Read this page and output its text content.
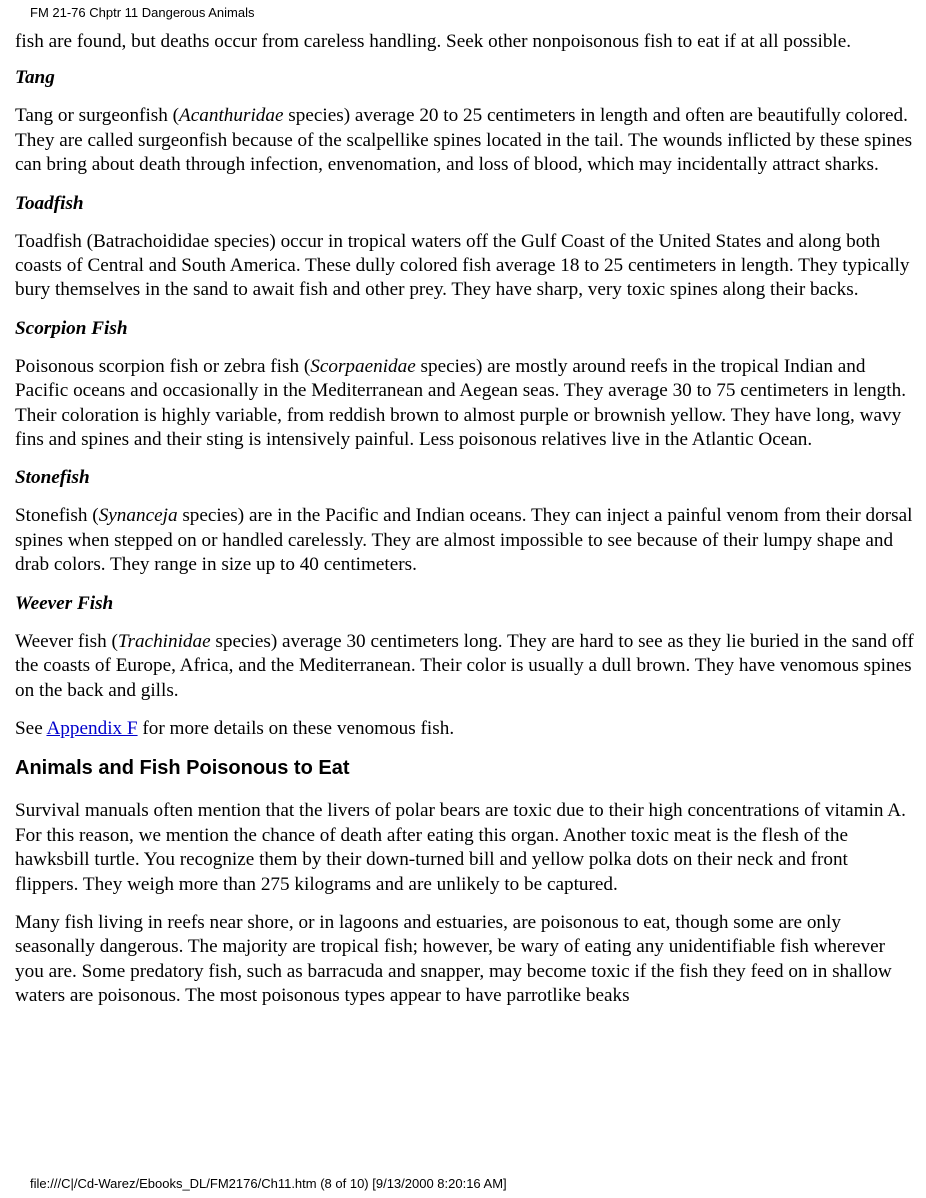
FM 21-76 Chptr 11 Dangerous Animals

fish are found, but deaths occur from careless handling. Seek other nonpoisonous fish to eat if at all possible.

Tang

Tang or surgeonfish (Acanthuridae species) average 20 to 25 centimeters in length and often are beautifully colored. They are called surgeonfish because of the scalpellike spines located in the tail. The wounds inflicted by these spines can bring about death through infection, envenomation, and loss of blood, which may incidentally attract sharks.

Toadfish

Toadfish (Batrachoididae species) occur in tropical waters off the Gulf Coast of the United States and along both coasts of Central and South America. These dully colored fish average 18 to 25 centimeters in length. They typically bury themselves in the sand to await fish and other prey. They have sharp, very toxic spines along their backs.

Scorpion Fish

Poisonous scorpion fish or zebra fish (Scorpaenidae species) are mostly around reefs in the tropical Indian and Pacific oceans and occasionally in the Mediterranean and Aegean seas. They average 30 to 75 centimeters in length. Their coloration is highly variable, from reddish brown to almost purple or brownish yellow. They have long, wavy fins and spines and their sting is intensively painful. Less poisonous relatives live in the Atlantic Ocean.

Stonefish

Stonefish (Synanceja species) are in the Pacific and Indian oceans. They can inject a painful venom from their dorsal spines when stepped on or handled carelessly. They are almost impossible to see because of their lumpy shape and drab colors. They range in size up to 40 centimeters.

Weever Fish

Weever fish (Trachinidae species) average 30 centimeters long. They are hard to see as they lie buried in the sand off the coasts of Europe, Africa, and the Mediterranean. Their color is usually a dull brown. They have venomous spines on the back and gills.

See Appendix F for more details on these venomous fish.

Animals and Fish Poisonous to Eat

Survival manuals often mention that the livers of polar bears are toxic due to their high concentrations of vitamin A. For this reason, we mention the chance of death after eating this organ. Another toxic meat is the flesh of the hawksbill turtle. You recognize them by their down-turned bill and yellow polka dots on their neck and front flippers. They weigh more than 275 kilograms and are unlikely to be captured.

Many fish living in reefs near shore, or in lagoons and estuaries, are poisonous to eat, though some are only seasonally dangerous. The majority are tropical fish; however, be wary of eating any unidentifiable fish wherever you are. Some predatory fish, such as barracuda and snapper, may become toxic if the fish they feed on in shallow waters are poisonous. The most poisonous types appear to have parrotlike beaks

file:///C|/Cd-Warez/Ebooks_DL/FM2176/Ch11.htm (8 of 10) [9/13/2000 8:20:16 AM]
